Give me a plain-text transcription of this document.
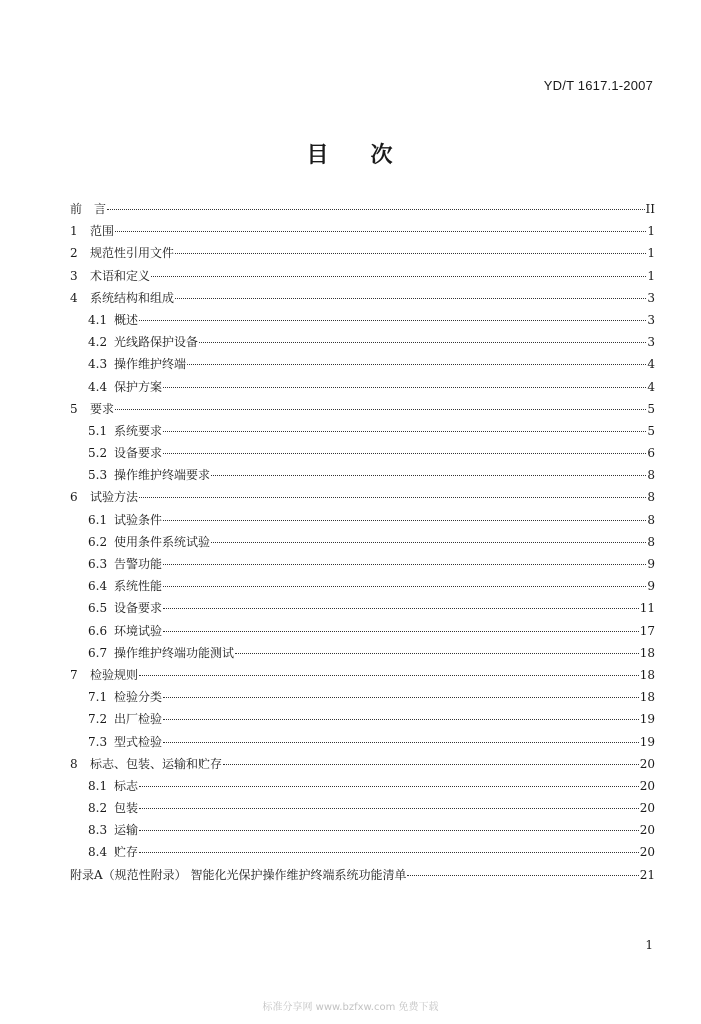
YD/T 1617.1-2007
目 次
前　言	II
1	范围	1
2	规范性引用文件	1
3	术语和定义	1
4	系统结构和组成	3
4.1 概述	3
4.2 光线路保护设备	3
4.3 操作维护终端	4
4.4 保护方案	4
5	要求	5
5.1 系统要求	5
5.2 设备要求	6
5.3 操作维护终端要求	8
6	试验方法	8
6.1 试验条件	8
6.2 使用条件系统试验	8
6.3 告警功能	9
6.4 系统性能	9
6.5 设备要求	11
6.6 环境试验	17
6.7 操作维护终端功能测试	18
7	检验规则	18
7.1 检验分类	18
7.2 出厂检验	19
7.3 型式检验	19
8	标志、包装、运输和贮存	20
8.1 标志	20
8.2 包装	20
8.3 运输	20
8.4 贮存	20
附录A（规范性附录） 智能化光保护操作维护终端系统功能清单	21
1
标准分享网 www.bzfxw.com 免费下载
